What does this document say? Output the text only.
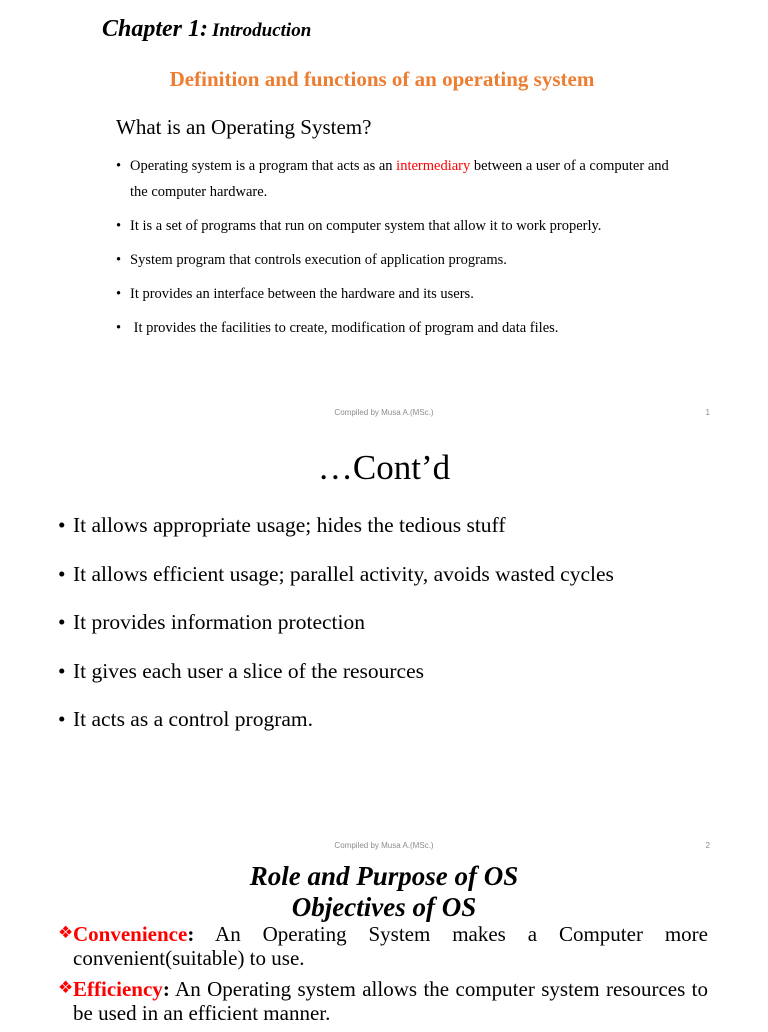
Chapter 1: Introduction
Definition and functions of an operating system
What is an Operating System?
• Operating system is a program that acts as an intermediary between a user of a computer and the computer hardware.
• It is a set of programs that run on computer system that allow it to work properly.
• System program that controls execution of application programs.
• It provides an interface between the hardware and its users.
• It provides the facilities to create, modification of program and data files.
Compiled by Musa A.(MSc.)	1
…Cont’d
• It allows appropriate usage; hides the tedious stuff
• It allows efficient usage; parallel activity, avoids wasted cycles
• It provides information protection
• It gives each user a slice of the resources
• It acts as a control program.
Compiled by Musa A.(MSc.)	2
Role and Purpose of OS
Objectives of OS
❖ Convenience: An Operating System makes a Computer more convenient(suitable) to use.
❖ Efficiency: An Operating system allows the computer system resources to be used in an efficient manner.
